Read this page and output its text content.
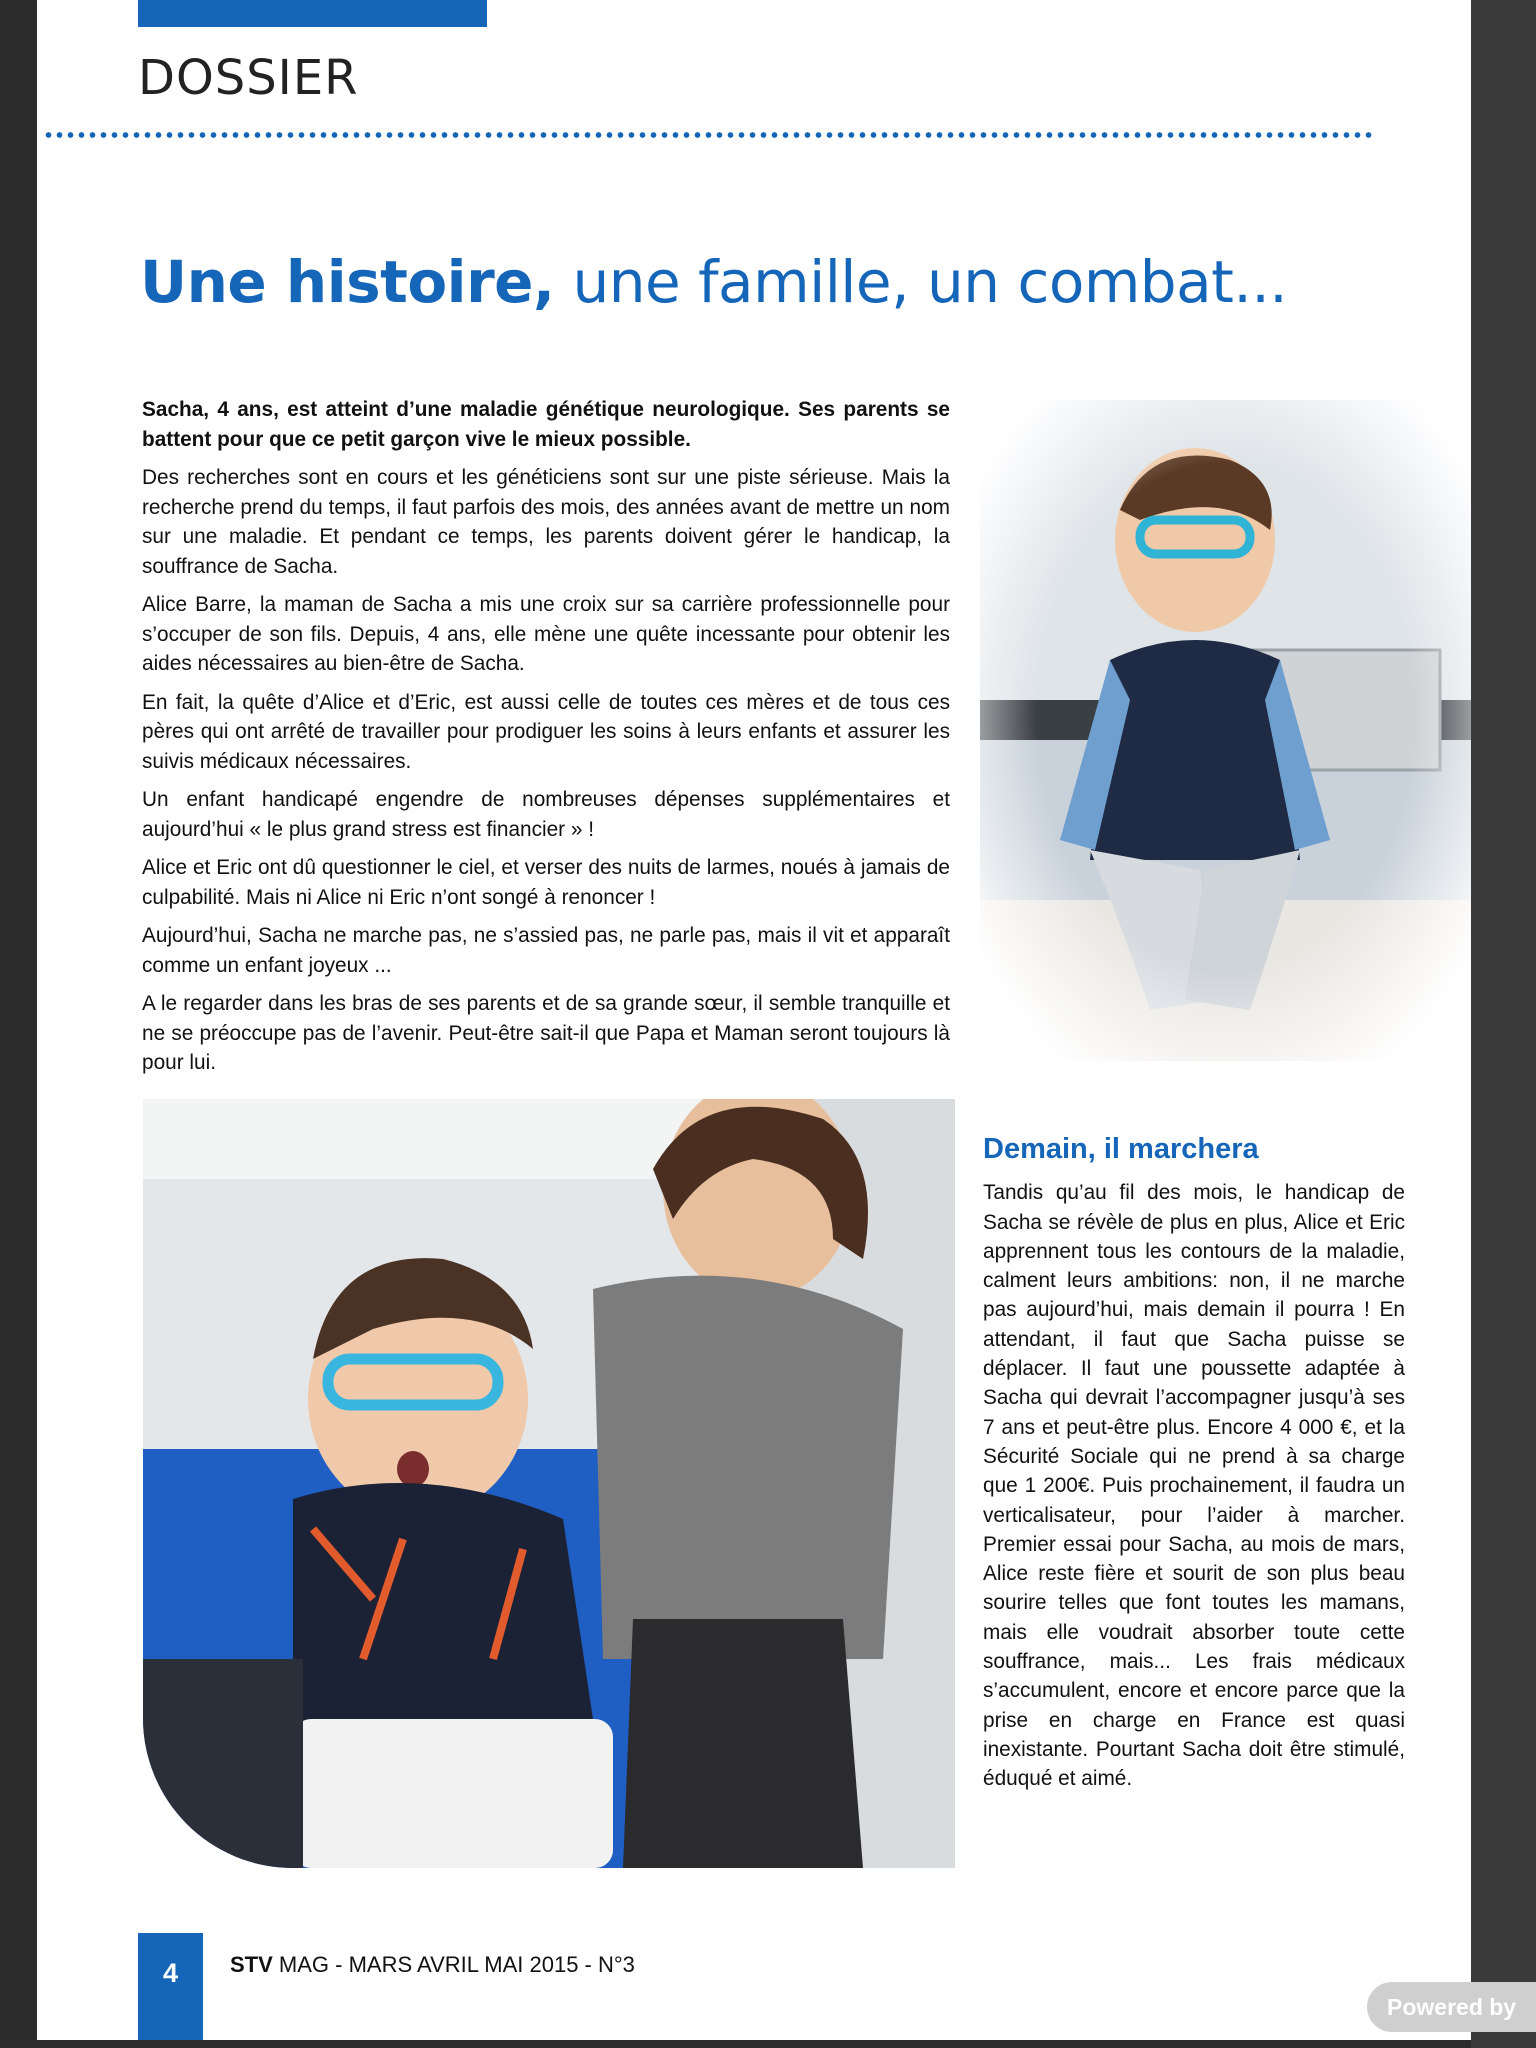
DOSSIER
Une histoire, une famille, un combat...

Sacha, 4 ans, est atteint d’une maladie génétique neurologique. Ses parents se battent pour que ce petit garçon vive le mieux possible.

Des recherches sont en cours et les généticiens sont sur une piste sérieuse. Mais la recherche prend du temps, il faut parfois des mois, des années avant de mettre un nom sur une maladie. Et pendant ce temps, les parents doivent gérer le handicap, la souffrance de Sacha.

Alice Barre, la maman de Sacha a mis une croix sur sa carrière professionnelle pour s’occuper de son fils. Depuis, 4 ans, elle mène une quête incessante pour obtenir les aides nécessaires au bien-être de Sacha.

En fait, la quête d’Alice et d’Eric, est aussi celle de toutes ces mères et de tous ces pères qui ont arrêté de travailler pour prodiguer les soins à leurs enfants et assurer les suivis médicaux nécessaires.

Un enfant handicapé engendre de nombreuses dépenses supplémentaires et aujourd’hui « le plus grand stress est financier » !

Alice et Eric ont dû questionner le ciel, et verser des nuits de larmes, noués à jamais de culpabilité. Mais ni Alice ni Eric n’ont songé à renoncer !

Aujourd’hui, Sacha ne marche pas, ne s’assied pas, ne parle pas, mais il vit et apparaît comme un enfant joyeux ...

A le regarder dans les bras de ses parents et de sa grande sœur, il semble tranquille et ne se préoccupe pas de l’avenir. Peut-être sait-il que Papa et Maman seront toujours là pour lui.

Demain, il marchera

Tandis qu’au fil des mois, le handicap de Sacha se révèle de plus en plus, Alice et Eric apprennent tous les contours de la maladie, calment leurs ambitions: non, il ne marche pas aujourd’hui, mais demain il pourra ! En attendant, il faut que Sacha puisse se déplacer. Il faut une poussette adaptée à Sacha qui devrait l’accompagner jusqu’à ses 7 ans et peut-être plus. Encore 4 000 €, et la Sécurité Sociale qui ne prend à sa charge que 1 200€. Puis prochainement, il faudra un verticalisateur, pour l’aider à marcher. Premier essai pour Sacha, au mois de mars, Alice reste fière et sourit de son plus beau sourire telles que font toutes les mamans, mais elle voudrait absorber toute cette souffrance, mais... Les frais médicaux s’accumulent, encore et encore parce que la prise en charge en France est quasi inexistante. Pourtant Sacha doit être stimulé, éduqué et aimé.

4	STV MAG - MARS AVRIL MAI 2015 - N°3
Powered by
